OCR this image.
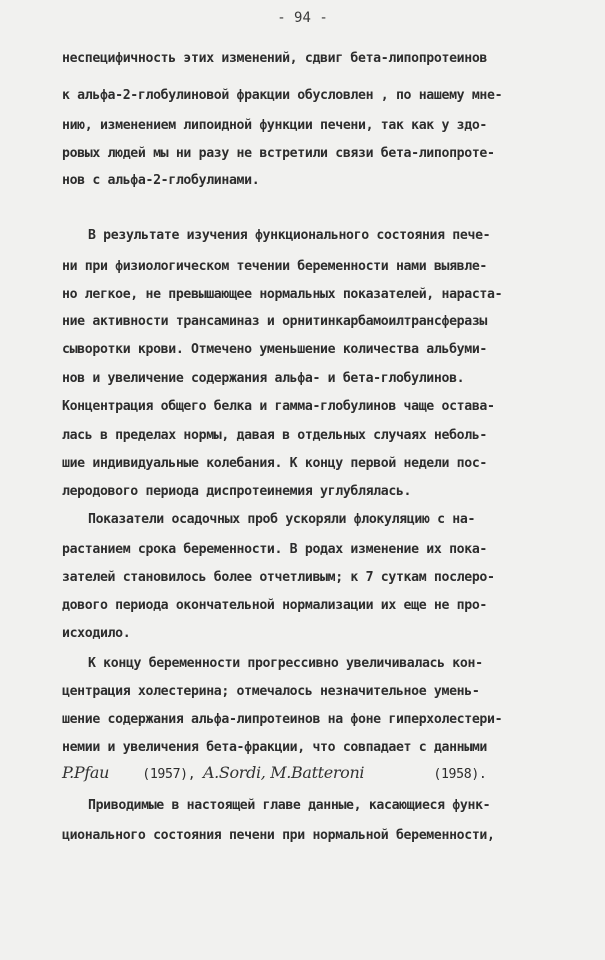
- 94 -
неспецифичность этих изменений, сдвиг бета-липопротеинов
к альфа-2-глобулиновой фракции обусловлен , по нашему мне-
нию, изменением липоидной функции печени, так как у здо-
ровых людей мы ни разу не встретили связи бета-липопроте-
нов с альфа-2-глобулинами.
В результате изучения функционального состояния пече-
ни при физиологическом течении беременности нами выявле-
но легкое, не превышающее нормальных показателей, нараста-
ние активности трансаминаз и орнитинкарбамоилтрансферазы
сыворотки крови. Отмечено уменьшение количества альбуми-
нов и увеличение содержания альфа- и бета-глобулинов.
Концентрация общего белка и гамма-глобулинов чаще остава-
лась в пределах нормы, давая в отдельных случаях неболь-
шие индивидуальные колебания. К концу первой недели пос-
леродового периода диспротеинемия углублялась.
Показатели осадочных проб ускоряли флокуляцию с на-
растанием срока беременности. В родах изменение их пока-
зателей становилось более отчетливым; к 7 суткам послеро-
дового периода окончательной нормализации их еще не про-
исходило.
К концу беременности прогрессивно увеличивалась кон-
центрация холестерина; отмечалось незначительное умень-
шение содержания альфа-липротеинов на фоне гиперхолестери-
немии и увеличения бета-фракции, что совпадает с данными
P.Pfau	(1957), A.Sordi, M.Batteroni	(1958).
Приводимые в настоящей главе данные, касающиеся функ-
ционального состояния печени при нормальной беременности,
